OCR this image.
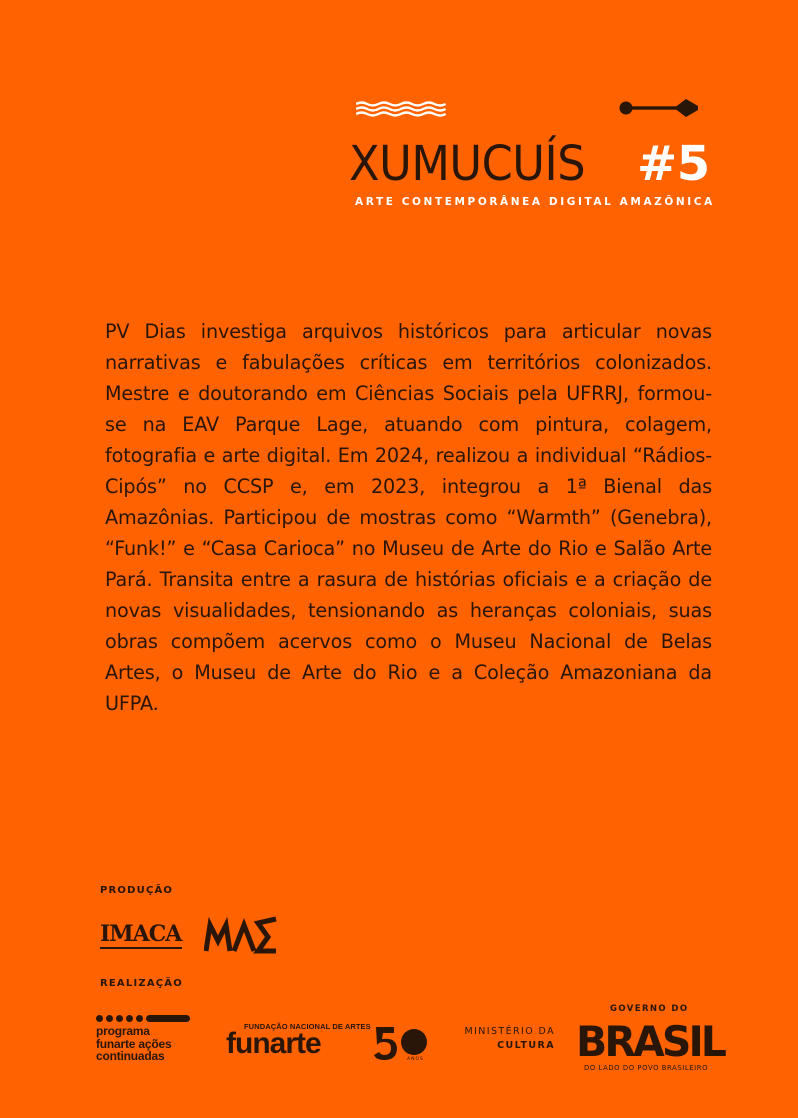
XUMUCUÍS #5
ARTE CONTEMPORÂNEA DIGITAL AMAZÔNICA

PV Dias investiga arquivos históricos para articular novas narrativas e fabulações críticas em territórios colonizados. Mestre e doutorando em Ciências Sociais pela UFRRJ, formou-se na EAV Parque Lage, atuando com pintura, colagem, fotografia e arte digital. Em 2024, realizou a individual “Rádios-Cipós” no CCSP e, em 2023, integrou a 1ª Bienal das Amazônias. Participou de mostras como “Warmth” (Genebra), “Funk!” e “Casa Carioca” no Museu de Arte do Rio e Salão Arte Pará. Transita entre a rasura de histórias oficiais e a criação de novas visualidades, tensionando as heranças coloniais, suas obras compõem acervos como o Museu Nacional de Belas Artes, o Museu de Arte do Rio e a Coleção Amazoniana da UFPA.

PRODUÇÃO
IMACA
REALIZAÇÃO
programa
funarte ações
continuadas
FUNDAÇÃO NACIONAL DE ARTES
funarte	ANOS
MINISTÉRIO DA
CULTURA
GOVERNO DO
BRASIL
DO LADO DO POVO BRASILEIRO
